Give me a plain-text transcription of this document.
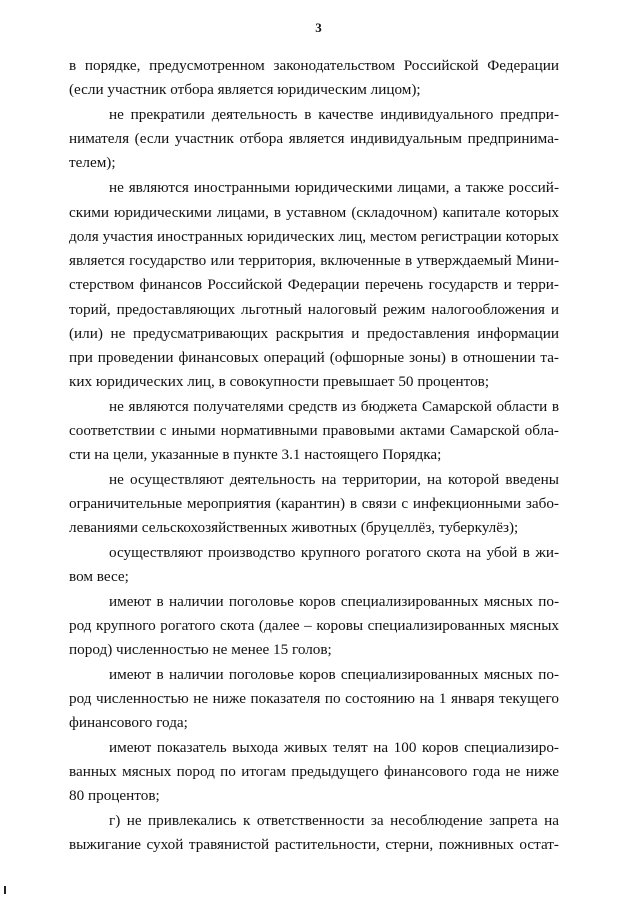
3
в порядке, предусмотренном законодательством Российской Федерации
(если участник отбора является юридическим лицом);
не прекратили деятельность в качестве индивидуального предпри-
нимателя (если участник отбора является индивидуальным предпринима-
телем);
не являются иностранными юридическими лицами, а также россий-
скими юридическими лицами, в уставном (складочном) капитале которых
доля участия иностранных юридических лиц, местом регистрации которых
является государство или территория, включенные в утверждаемый Мини-
стерством финансов Российской Федерации перечень государств и терри-
торий, предоставляющих льготный налоговый режим налогообложения и
(или) не предусматривающих раскрытия и предоставления информации
при проведении финансовых операций (офшорные зоны) в отношении та-
ких юридических лиц, в совокупности превышает 50 процентов;
не являются получателями средств из бюджета Самарской области в
соответствии с иными нормативными правовыми актами Самарской обла-
сти на цели, указанные в пункте 3.1 настоящего Порядка;
не осуществляют деятельность на территории, на которой введены
ограничительные мероприятия (карантин) в связи с инфекционными забо-
леваниями сельскохозяйственных животных (бруцеллёз, туберкулёз);
осуществляют производство крупного рогатого скота на убой в жи-
вом весе;
имеют в наличии поголовье коров специализированных мясных по-
род крупного рогатого скота (далее – коровы специализированных мясных
пород) численностью не менее 15 голов;
имеют в наличии поголовье коров специализированных мясных по-
род численностью не ниже показателя по состоянию на 1 января текущего
финансового года;
имеют показатель выхода живых телят на 100 коров специализиро-
ванных мясных пород по итогам предыдущего финансового года не ниже
80 процентов;
г) не привлекались к ответственности за несоблюдение запрета на
выжигание сухой травянистой растительности, стерни, пожнивных остат-
